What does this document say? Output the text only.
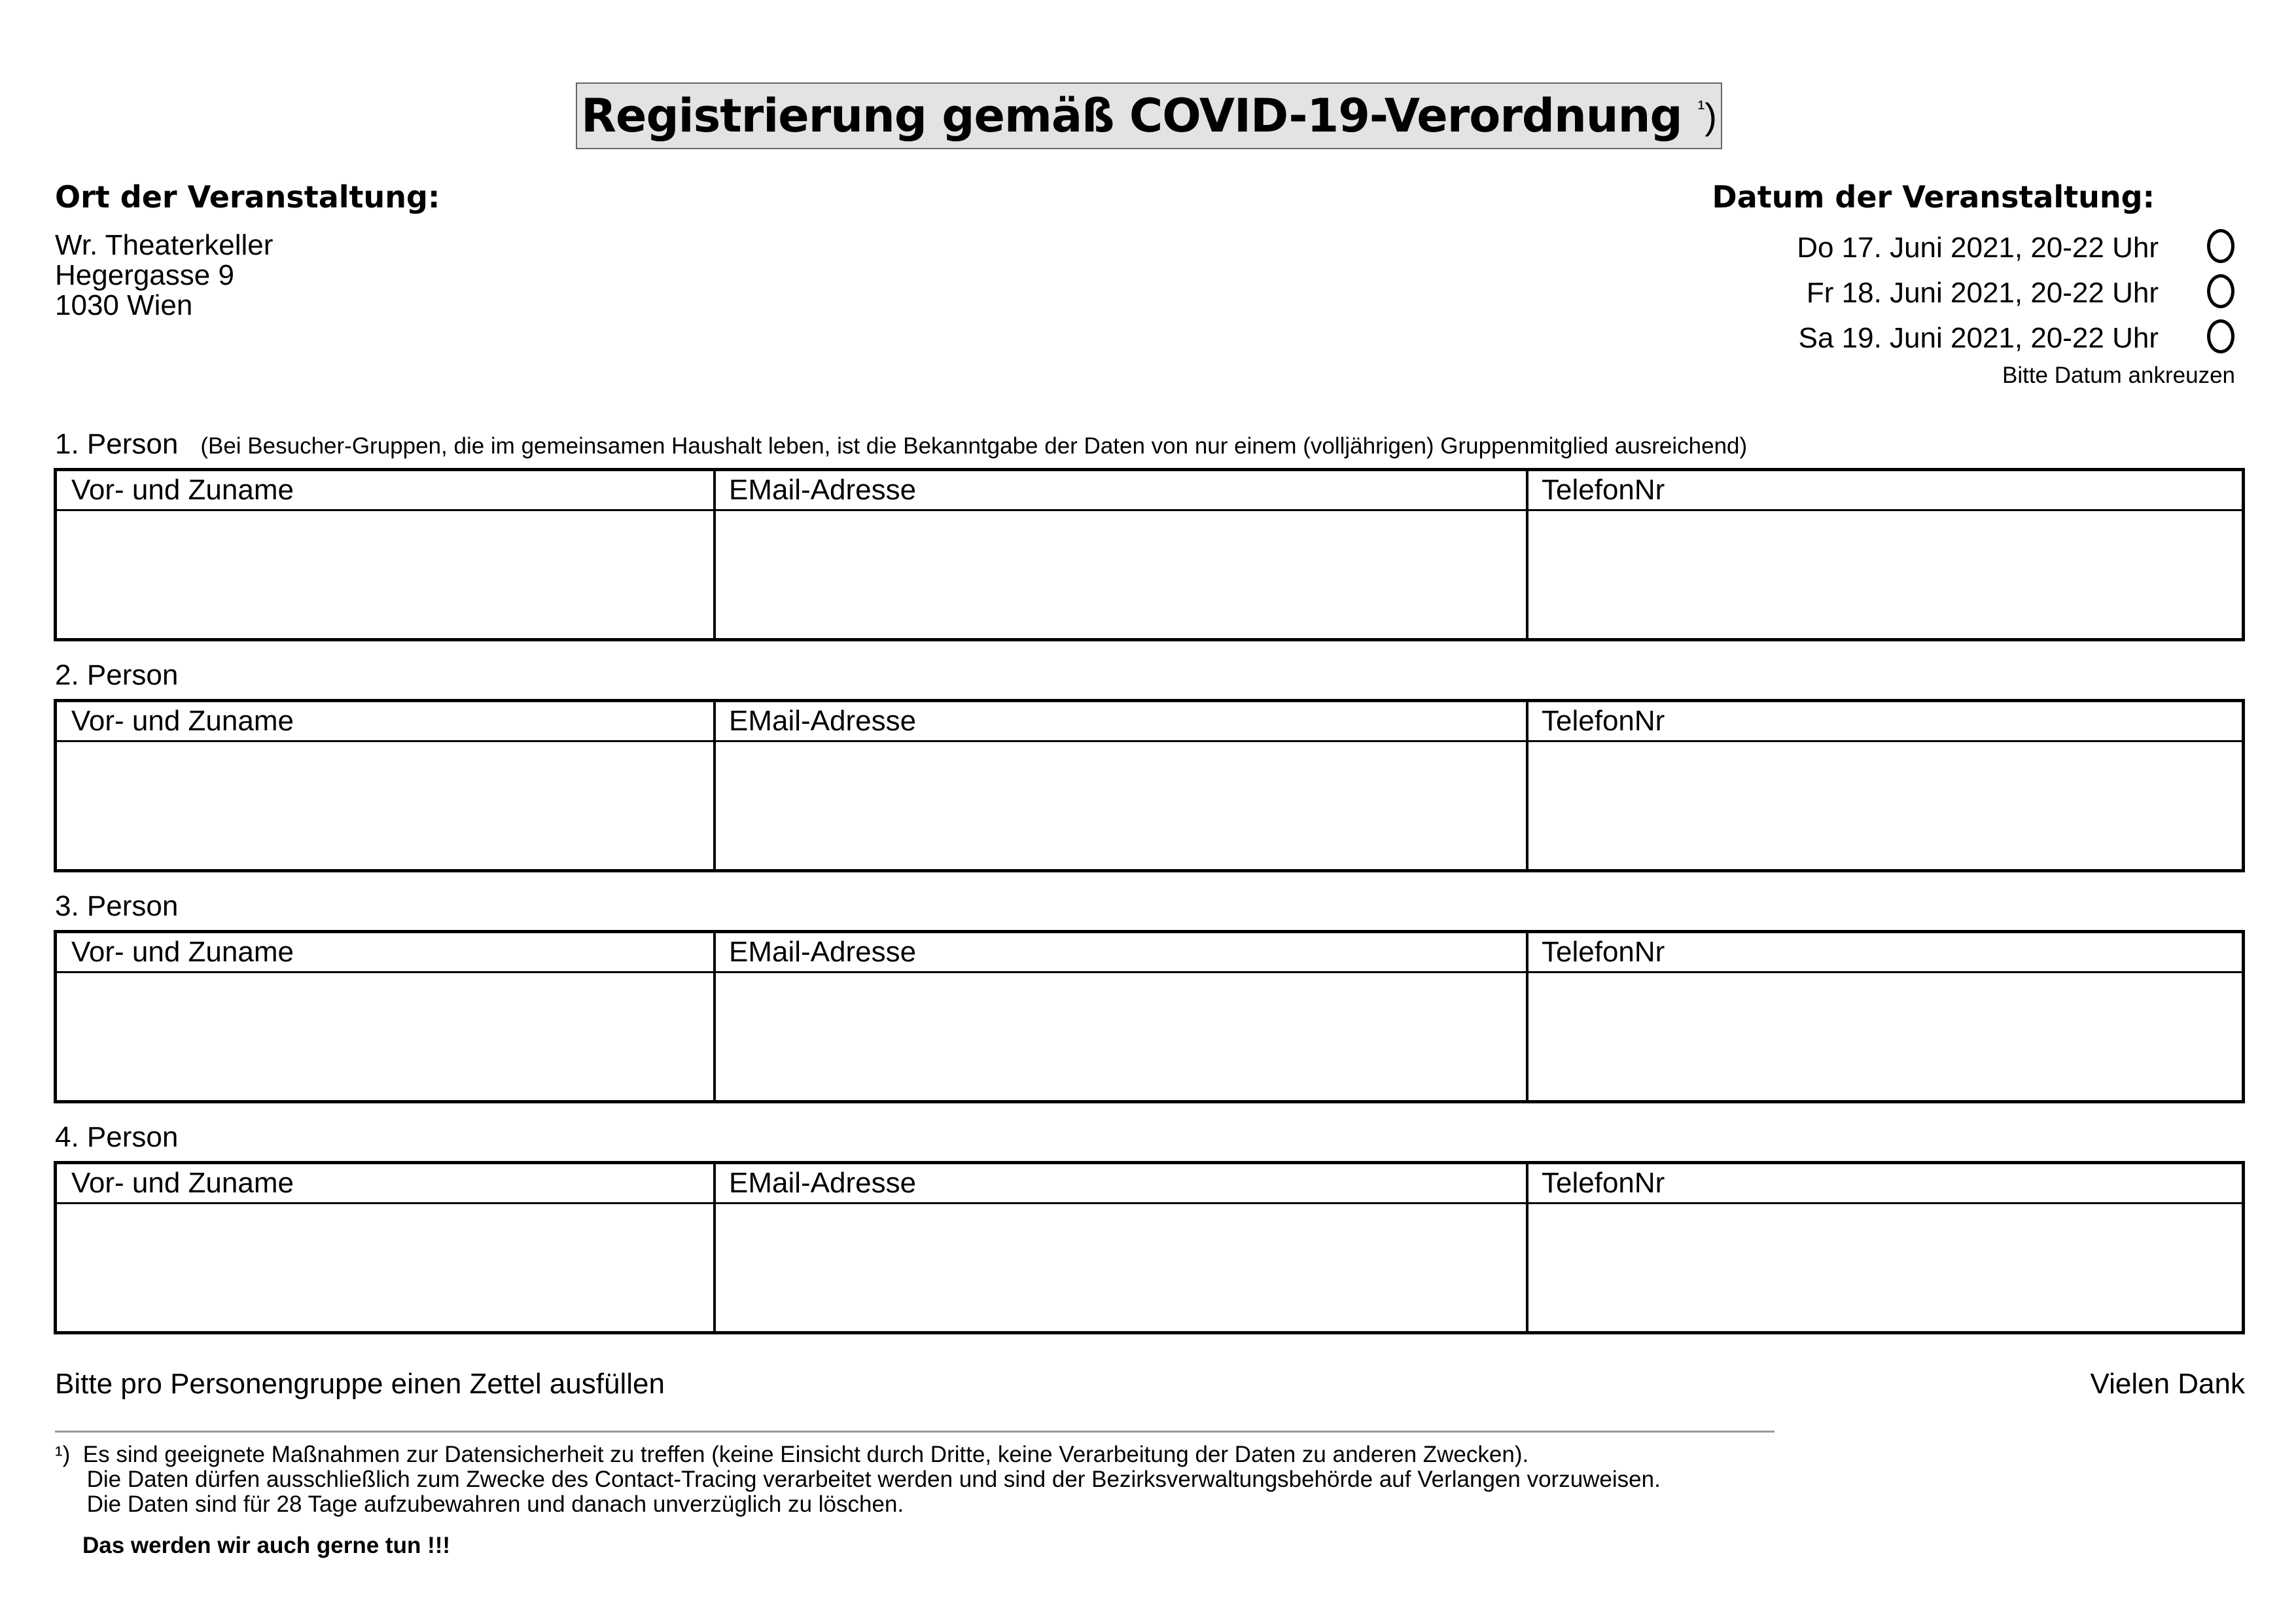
Registrierung gemäß COVID-19-Verordnung $^{^1}$)
Ort der Veranstaltung:
Wr. Theaterkeller
Hegergasse 9
1030 Wien
Datum der Veranstaltung:
Do 17. Juni 2021, 20-22 Uhr
Fr 18. Juni 2021, 20-22 Uhr
Sa 19. Juni 2021, 20-22 Uhr
Bitte Datum ankreuzen
1. Person (Bei Besucher-Gruppen, die im gemeinsamen Haushalt leben, ist die Bekanntgabe der Daten von nur einem (volljährigen) Gruppenmitglied ausreichend)
Vor- und Zuname	EMail-Adresse	TelefonNr
2. Person
Vor- und Zuname	EMail-Adresse	TelefonNr
3. Person
Vor- und Zuname	EMail-Adresse	TelefonNr
4. Person
Vor- und Zuname	EMail-Adresse	TelefonNr
Bitte pro Personengruppe einen Zettel ausfüllen	Vielen Dank
¹)  Es sind geeignete Maßnahmen zur Datensicherheit zu treffen (keine Einsicht durch Dritte, keine Verarbeitung der Daten zu anderen Zwecken).
Die Daten dürfen ausschließlich zum Zwecke des Contact-Tracing verarbeitet werden und sind der Bezirksverwaltungsbehörde auf Verlangen vorzuweisen.
Die Daten sind für 28 Tage aufzubewahren und danach unverzüglich zu löschen.
Das werden wir auch gerne tun !!!
